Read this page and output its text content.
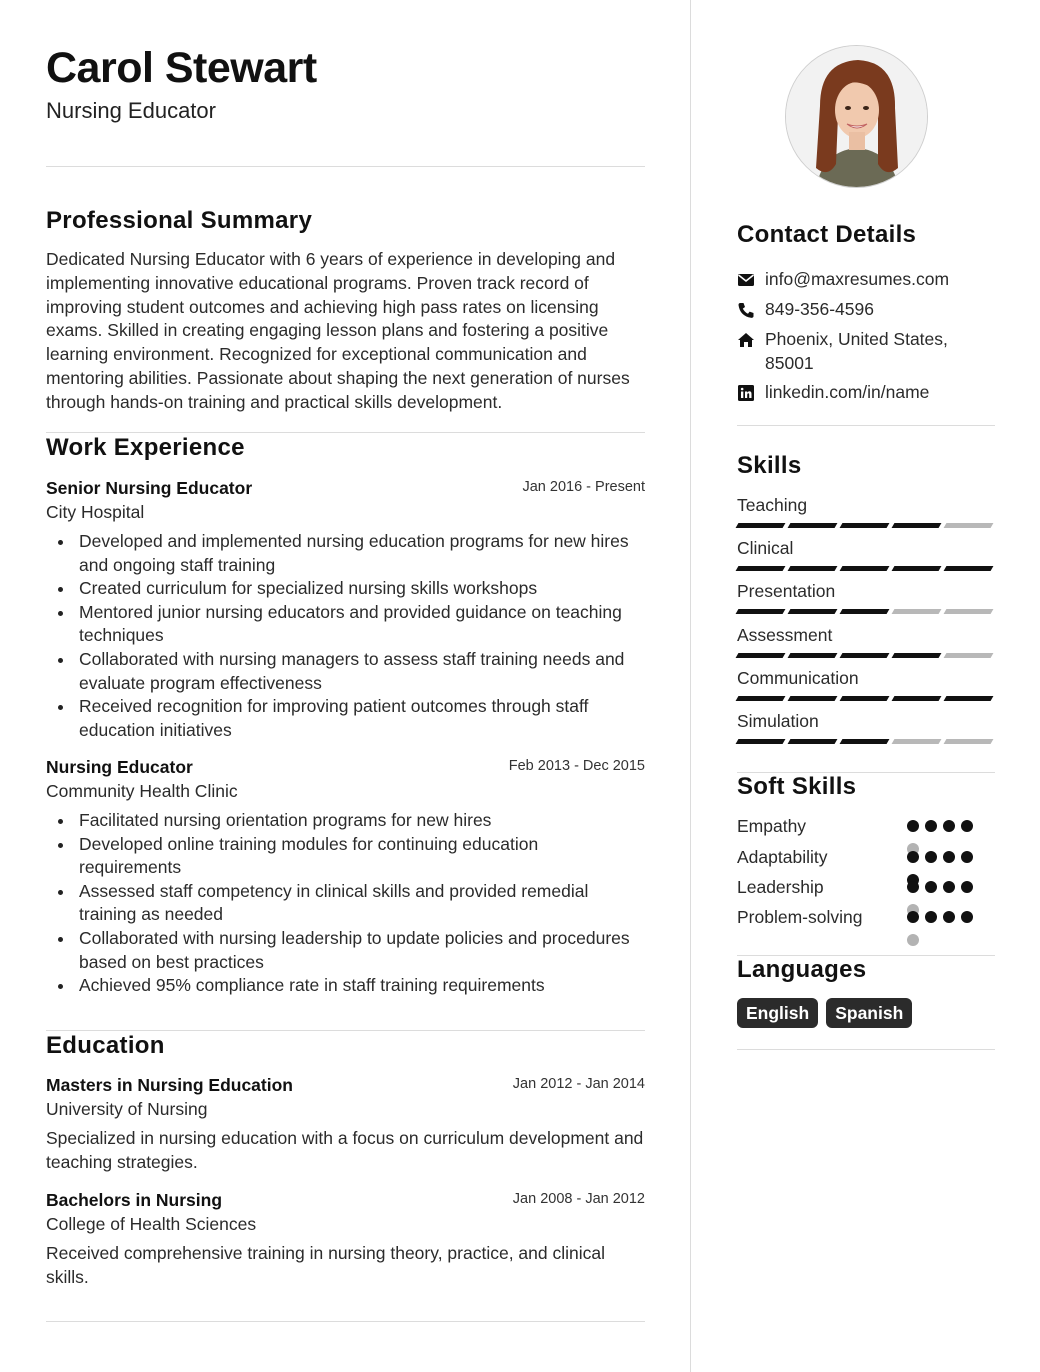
Carol Stewart
Nursing Educator
Professional Summary
Dedicated Nursing Educator with 6 years of experience in developing and implementing innovative educational programs. Proven track record of improving student outcomes and achieving high pass rates on licensing exams. Skilled in creating engaging lesson plans and fostering a positive learning environment. Recognized for exceptional communication and mentoring abilities. Passionate about shaping the next generation of nurses through hands-on training and practical skills development.
Work Experience
Senior Nursing Educator	Jan 2016 - Present
City Hospital
Developed and implemented nursing education programs for new hires and ongoing staff training
Created curriculum for specialized nursing skills workshops
Mentored junior nursing educators and provided guidance on teaching techniques
Collaborated with nursing managers to assess staff training needs and evaluate program effectiveness
Received recognition for improving patient outcomes through staff education initiatives
Nursing Educator	Feb 2013 - Dec 2015
Community Health Clinic
Facilitated nursing orientation programs for new hires
Developed online training modules for continuing education requirements
Assessed staff competency in clinical skills and provided remedial training as needed
Collaborated with nursing leadership to update policies and procedures based on best practices
Achieved 95% compliance rate in staff training requirements
Education
Masters in Nursing Education	Jan 2012 - Jan 2014
University of Nursing
Specialized in nursing education with a focus on curriculum development and teaching strategies.
Bachelors in Nursing	Jan 2008 - Jan 2012
College of Health Sciences
Received comprehensive training in nursing theory, practice, and clinical skills.
Contact Details
info@maxresumes.com
849-356-4596
Phoenix, United States, 85001
linkedin.com/in/name
Skills
Teaching
Clinical
Presentation
Assessment
Communication
Simulation
Soft Skills
Empathy
Adaptability
Leadership
Problem-solving
Languages
English	Spanish
